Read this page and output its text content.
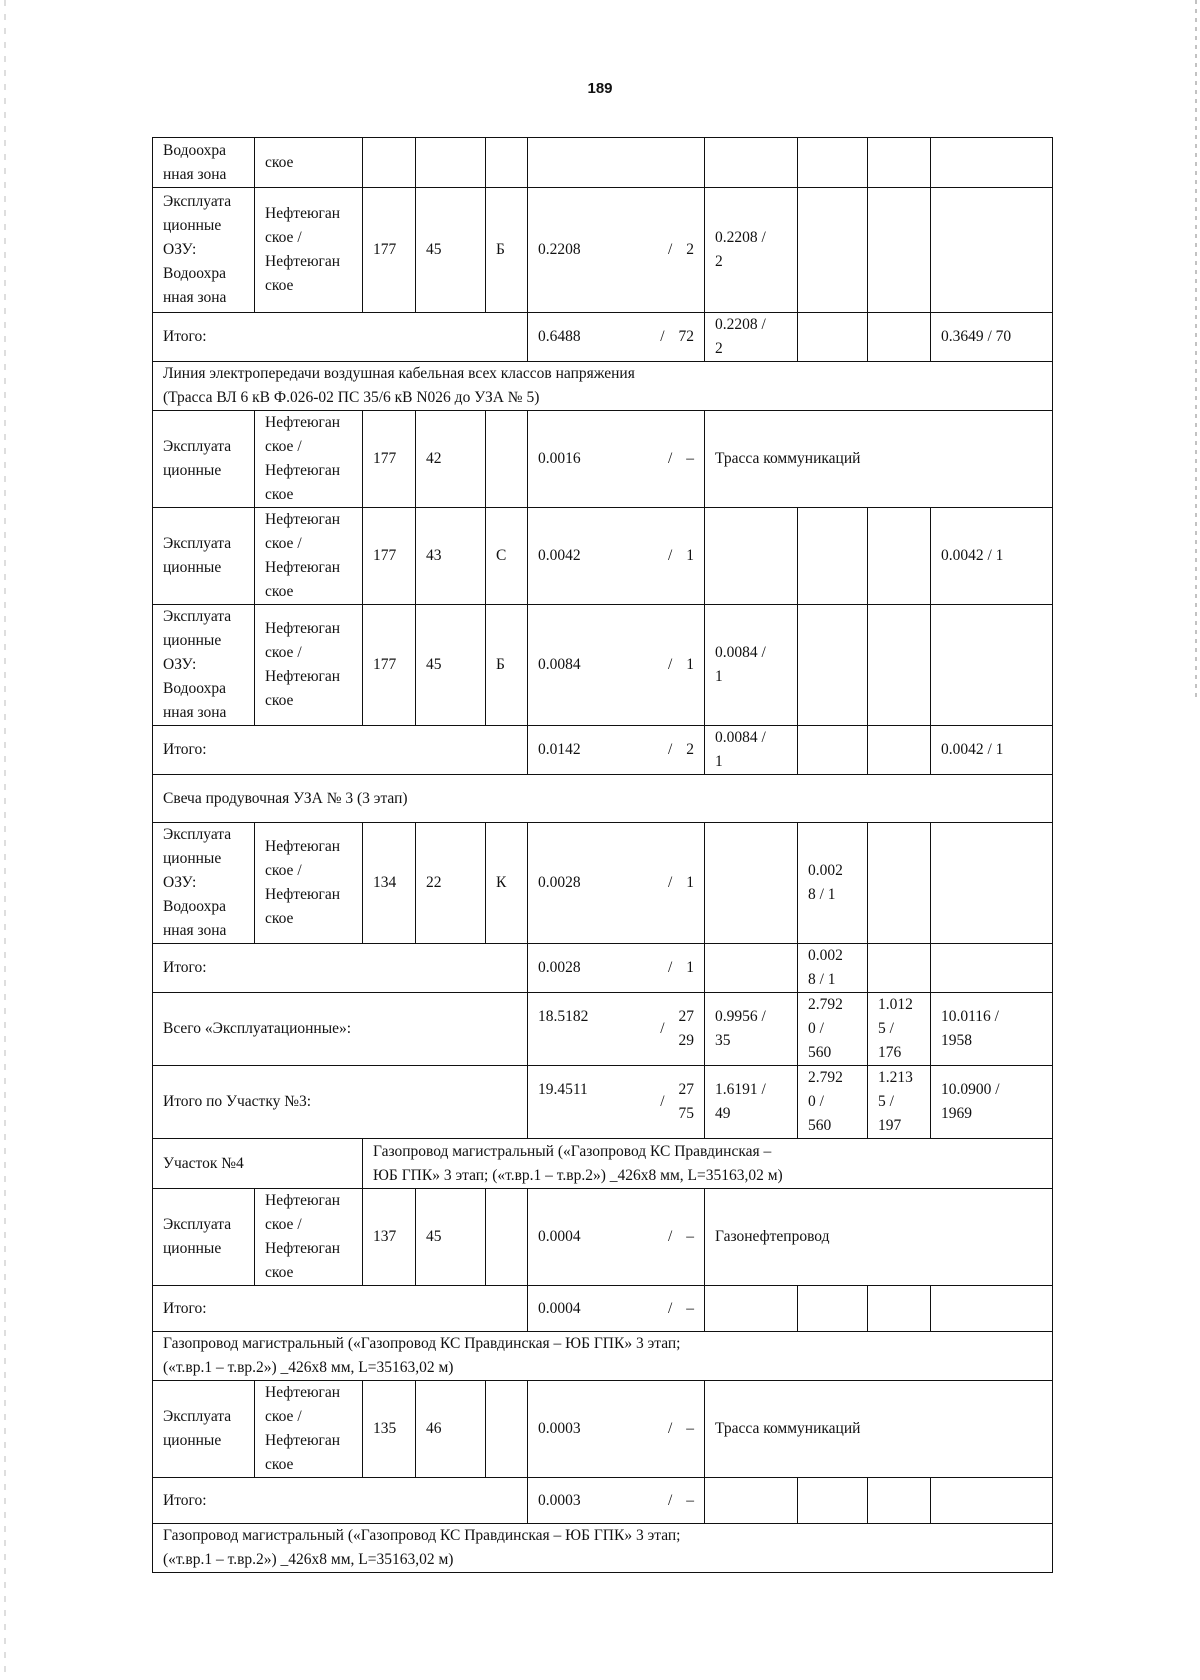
189
Водоохра
нная зона	ское								
Эксплуата
ционные
ОЗУ:
Водоохра
нная зона	Нефтеюган
ское /
Нефтеюган
ское	177	45	Б	0.2208 / 2	0.2208 /
2			
Итого:					0.6488 / 72	0.2208 /
2			0.3649 / 70
Линия электропередачи воздушная кабельная всех классов напряжения
(Трасса ВЛ 6 кВ Ф.026-02 ПС 35/6 кВ N026 до УЗА № 5)									
Эксплуата
ционные	Нефтеюган
ское /
Нефтеюган
ское	177	42		0.0016 / –	Трасса коммуникаций			
Эксплуата
ционные	Нефтеюган
ское /
Нефтеюган
ское	177	43	С	0.0042 / 1				0.0042 / 1
Эксплуата
ционные
ОЗУ:
Водоохра
нная зона	Нефтеюган
ское /
Нефтеюган
ское	177	45	Б	0.0084 / 1	0.0084 /
1			
Итого:					0.0142 / 2	0.0084 /
1			0.0042 / 1
Свеча продувочная УЗА № 3 (3 этап)									
Эксплуата
ционные
ОЗУ:
Водоохра
нная зона	Нефтеюган
ское /
Нефтеюган
ское	134	22	К	0.0028 / 1		0.002
8 / 1		
Итого:					0.0028 / 1		0.002
8 / 1		
Всего «Эксплуатационные»:					18.5182
/
27
29	0.9956 /
35	2.792
0 /
560	1.012
5 /
176	10.0116 /
1958
Итого по Участку №3:					19.4511
/
27
75	1.6191 /
49	2.792
0 /
560	1.213
5 /
197	10.0900 /
1969
Участок №4		Газопровод магистральный («Газопровод КС Правдинская –
ЮБ ГПК» 3 этап; («т.вр.1 – т.вр.2») _426х8 мм, L=35163,02 м)							
Эксплуата
ционные	Нефтеюган
ское /
Нефтеюган
ское	137	45		0.0004 / –	Газонефтепровод			
Итого:					0.0004 / –				

Газопровод магистральный («Газопровод КС Правдинская – ЮБ ГПК» 3 этап;
(«т.вр.1 – т.вр.2») _426х8 мм, L=35163,02 м)									
Эксплуата
ционные	Нефтеюган
ское /
Нефтеюган
ское	135	46		0.0003 / –	Трасса коммуникаций			
Итого:					0.0003 / –				

Газопровод магистральный («Газопровод КС Правдинская – ЮБ ГПК» 3 этап;
(«т.вр.1 – т.вр.2») _426х8 мм, L=35163,02 м)									
